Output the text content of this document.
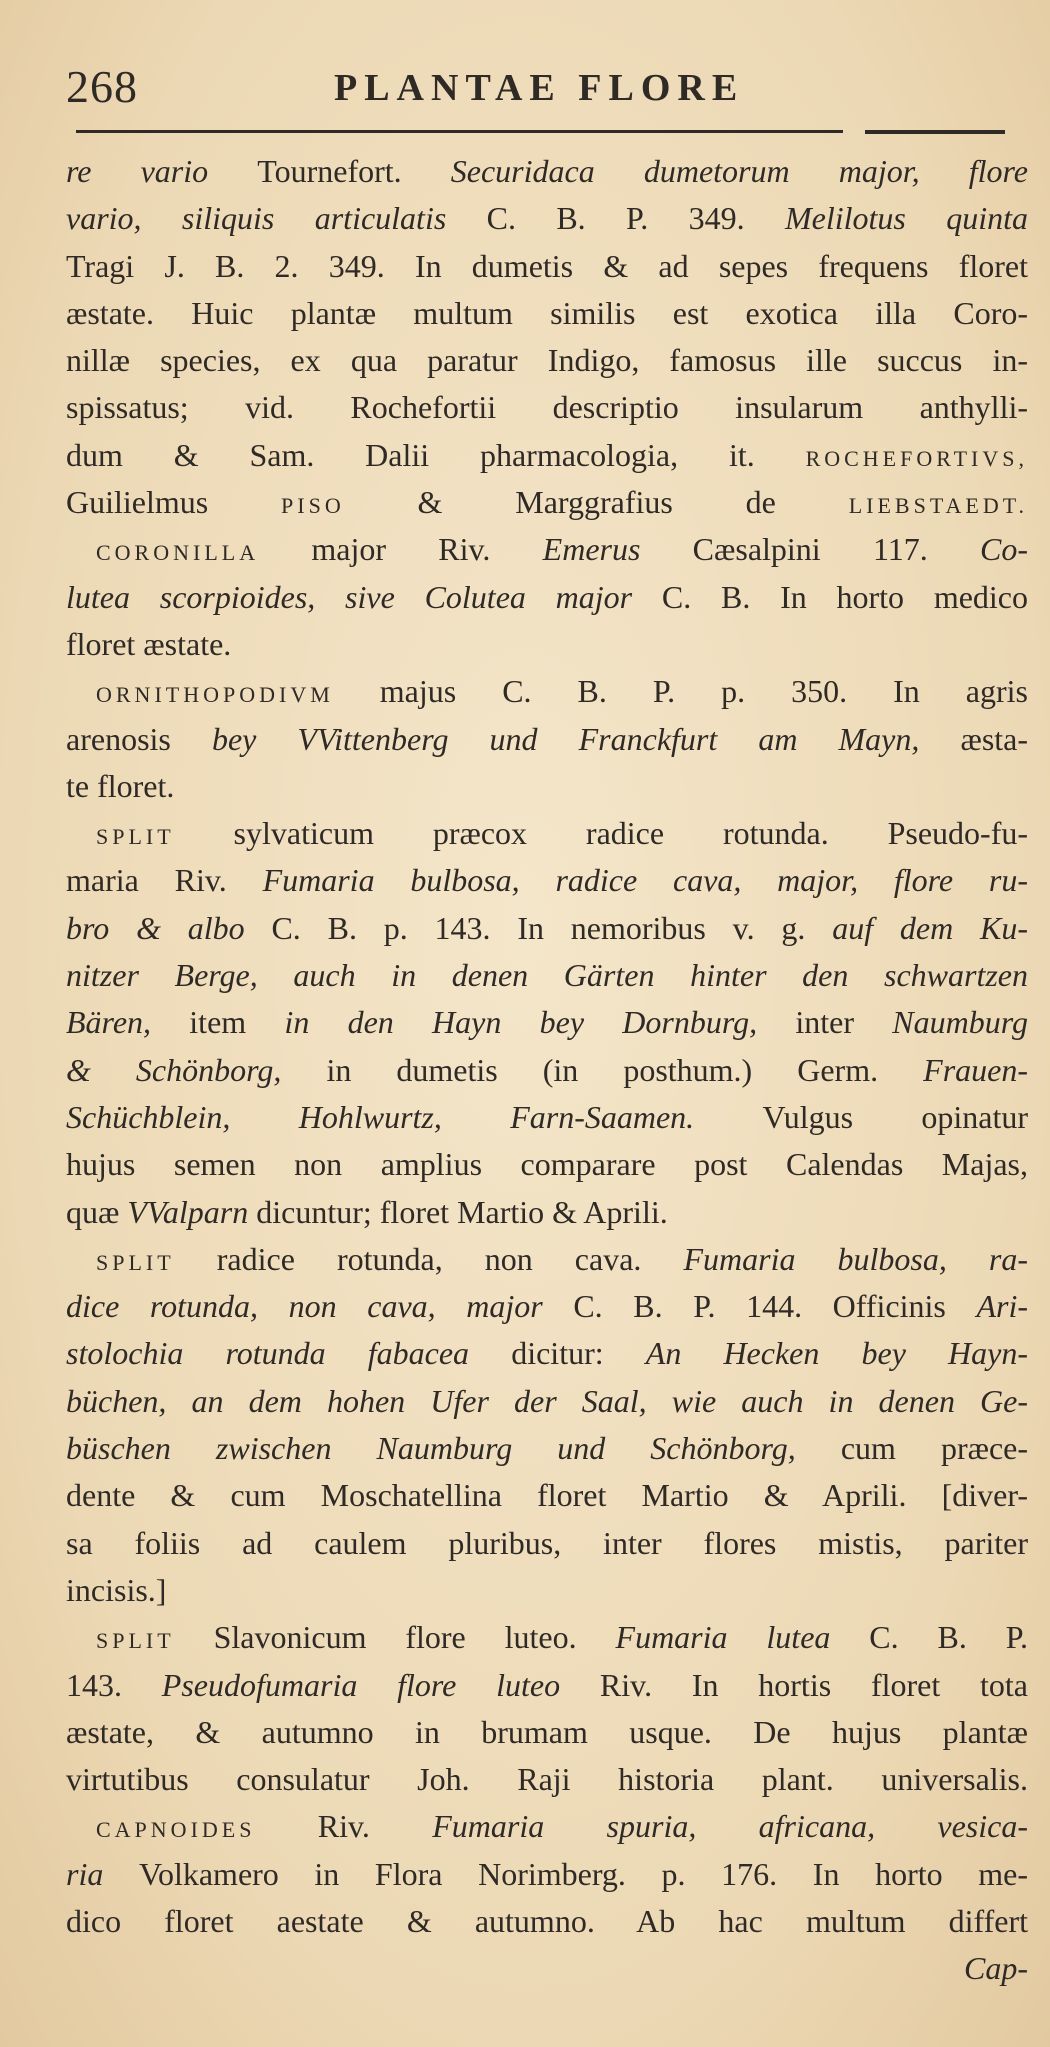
268	PLANTAE FLORE
re vario Tournefort. Securidaca dumetorum major, flore
vario, siliquis articulatis C. B. P. 349. Melilotus quinta
Tragi J. B. 2. 349. In dumetis & ad sepes frequens floret
æstate. Huic plantæ multum similis est exotica illa Coro-
nillæ species, ex qua paratur Indigo, famosus ille succus in-
spissatus; vid. Rochefortii descriptio insularum anthylli-
dum & Sam. Dalii pharmacologia, it. ROCHEFORTIVS,
Guilielmus PISO & Marggrafius de LIEBSTAEDT.
CORONILLA major Riv. Emerus Cæsalpini 117. Co-
lutea scorpioides, sive Colutea major C. B. In horto medico
floret æstate.
ORNITHOPODIVM majus C. B. P. p. 350. In agris
arenosis bey VVittenberg und Franckfurt am Mayn, æsta-
te floret.
SPLIT sylvaticum præcox radice rotunda. Pseudo-fu-
maria Riv. Fumaria bulbosa, radice cava, major, flore ru-
bro & albo C. B. p. 143. In nemoribus v. g. auf dem Ku-
nitzer Berge, auch in denen Gärten hinter den schwartzen
Bären, item in den Hayn bey Dornburg, inter Naumburg
& Schönborg, in dumetis (in posthum.) Germ. Frauen-
Schüchblein, Hohlwurtz, Farn-Saamen. Vulgus opinatur
hujus semen non amplius comparare post Calendas Majas,
quæ VValparn dicuntur; floret Martio & Aprili.
SPLIT radice rotunda, non cava. Fumaria bulbosa, ra-
dice rotunda, non cava, major C. B. P. 144. Officinis Ari-
stolochia rotunda fabacea dicitur: An Hecken bey Hayn-
büchen, an dem hohen Ufer der Saal, wie auch in denen Ge-
büschen zwischen Naumburg und Schönborg, cum præce-
dente & cum Moschatellina floret Martio & Aprili. [diver-
sa foliis ad caulem pluribus, inter flores mistis, pariter
incisis.]
SPLIT Slavonicum flore luteo. Fumaria lutea C. B. P.
143. Pseudofumaria flore luteo Riv. In hortis floret tota
æstate, & autumno in brumam usque. De hujus plantæ
virtutibus consulatur Joh. Raji historia plant. universalis.
CAPNOIDES Riv. Fumaria spuria, africana, vesica-
ria Volkamero in Flora Norimberg. p. 176. In horto me-
dico floret aestate & autumno. Ab hac multum differt
Cap-
